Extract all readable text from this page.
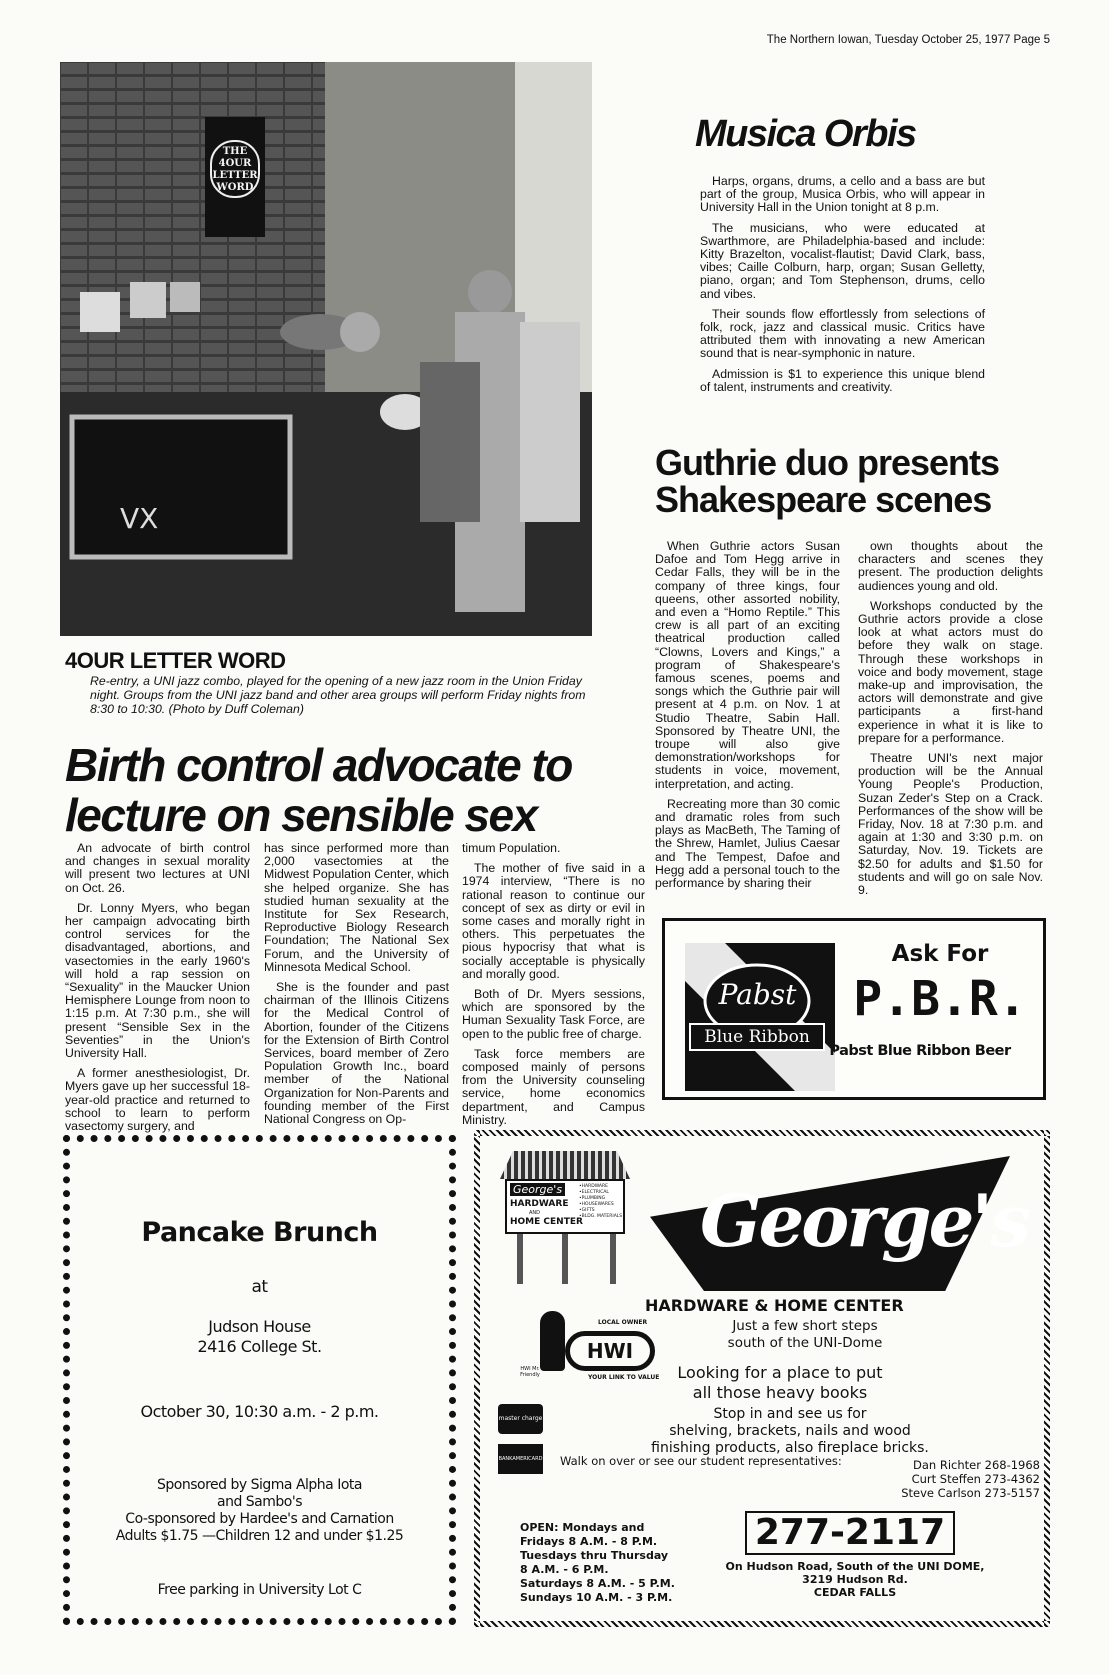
The Northern Iowan, Tuesday October 25, 1977 Page 5
THE 4OUR LETTER WORD
VX
4OUR LETTER WORD
Re-entry, a UNI jazz combo, played for the opening of a new jazz room in the Union Friday night. Groups from the UNI jazz band and other area groups will perform Friday nights from 8:30 to 10:30. (Photo by Duff Coleman)
Musica Orbis

Harps, organs, drums, a cello and a bass are but part of the group, Musica Orbis, who will appear in University Hall in the Union tonight at 8 p.m.

The musicians, who were educated at Swarthmore, are Philadelphia-based and include: Kitty Brazelton, vocalist-flautist; David Clark, bass, vibes; Caille Colburn, harp, organ; Susan Gelletty, piano, organ; and Tom Stephenson, drums, cello and vibes.

Their sounds flow effortlessly from selections of folk, rock, jazz and classical music. Critics have attributed them with innovating a new American sound that is near-symphonic in nature.

Admission is $1 to experience this unique blend of talent, instruments and creativity.

Guthrie duo presents
Shakespeare scenes

When Guthrie actors Susan Dafoe and Tom Hegg arrive in Cedar Falls, they will be in the company of three kings, four queens, other assorted nobility, and even a “Homo Reptile.” This crew is all part of an exciting theatrical production called “Clowns, Lovers and Kings,” a program of Shakespeare's famous scenes, poems and songs which the Guthrie pair will present at 4 p.m. on Nov. 1 at Studio Theatre, Sabin Hall. Sponsored by Theatre UNI, the troupe will also give demonstration/workshops for students in voice, movement, interpretation, and acting.

Recreating more than 30 comic and dramatic roles from such plays as MacBeth, The Taming of the Shrew, Hamlet, Julius Caesar and The Tempest, Dafoe and Hegg add a personal touch to the performance by sharing their

own thoughts about the characters and scenes they present. The production delights audiences young and old.

Workshops conducted by the Guthrie actors provide a close look at what actors must do before they walk on stage. Through these workshops in voice and body movement, stage make-up and improvisation, the actors will demonstrate and give participants a first-hand experience in what it is like to prepare for a performance.

Theatre UNI's next major production will be the Annual Young People's Production, Suzan Zeder's Step on a Crack. Performances of the show will be Friday, Nov. 18 at 7:30 p.m. and again at 1:30 and 3:30 p.m. on Saturday, Nov. 19. Tickets are $2.50 for adults and $1.50 for students and will go on sale Nov. 9.

Birth control advocate to
lecture on sensible sex

An advocate of birth control and changes in sexual morality will present two lectures at UNI on Oct. 26.

Dr. Lonny Myers, who began her campaign advocating birth control services for the disadvantaged, abortions, and vasectomies in the early 1960's will hold a rap session on “Sexuality” in the Maucker Union Hemisphere Lounge from noon to 1:15 p.m. At 7:30 p.m., she will present “Sensible Sex in the Seventies” in the Union's University Hall.

A former anesthesiologist, Dr. Myers gave up her successful 18-year-old practice and returned to school to learn to perform vasectomy surgery, and

has since performed more than 2,000 vasectomies at the Midwest Population Center, which she helped organize. She has studied human sexuality at the Institute for Sex Research, Reproductive Biology Research Foundation; The National Sex Forum, and the University of Minnesota Medical School.

She is the founder and past chairman of the Illinois Citizens for the Medical Control of Abortion, founder of the Citizens for the Extension of Birth Control Services, board member of Zero Population Growth Inc., board member of the National Organization for Non-Parents and founding member of the First National Congress on Op-

timum Population.

The mother of five said in a 1974 interview, “There is no rational reason to continue our concept of sex as dirty or evil in some cases and morally right in others. This perpetuates the pious hypocrisy that what is socially acceptable is physically and morally good.

Both of Dr. Myers sessions, which are sponsored by the Human Sexuality Task Force, are open to the public free of charge.

Task force members are composed mainly of persons from the University counseling service, home economics department, and Campus Ministry.

Pabst
Blue Ribbon
Ask For
P.B.R.
Pabst Blue Ribbon Beer
Pancake Brunch
at
Judson House
2416 College St.
October 30, 10:30 a.m. - 2 p.m.
Sponsored by Sigma Alpha Iota
and Sambo's
Co-sponsored by Hardee's and Carnation
Adults $1.75 —Children 12 and under $1.25
Free parking in University Lot C
George's
HARDWARE
AND
HOME CENTER
•HARDWARE
•ELECTRICAL
•PLUMBING
•HOUSEWARES
•GIFTS
•BLDG. MATERIALS George's
HARDWARE & HOME CENTER
Just a few short steps
south of the UNI-Dome
Looking for a place to put
all those heavy books
Stop in and see us for
shelving, brackets, nails and wood
finishing products, also fireplace bricks.
HWI
LOCAL OWNER
YOUR LINK TO VALUE
HWI Mr. Friendly
master charge
BANKAMERICARD Walk on over or see our student representatives:	Dan Richter 268-1968
Curt Steffen 273-4362
Steve Carlson 273-5157
OPEN: Mondays and
Fridays 8 A.M. - 8 P.M.
Tuesdays thru Thursday
8 A.M. - 6 P.M.
Saturdays 8 A.M. - 5 P.M.
Sundays 10 A.M. - 3 P.M.
277-2117
On Hudson Road, South of the UNI DOME,
3219 Hudson Rd.
CEDAR FALLS
